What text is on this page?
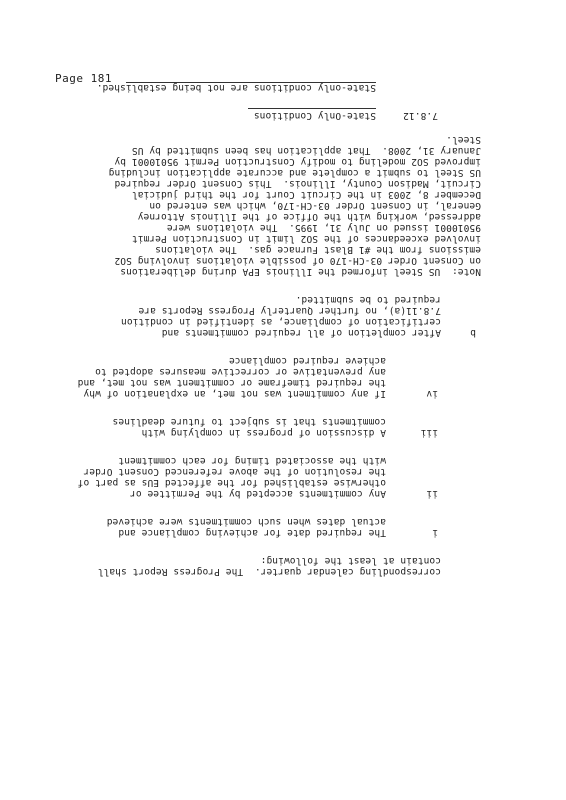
Page 181
correspondling calendar quarter.  The Progress Report shall
contain at least the following:
i
The required date for achieving compliance and
actual dates when such commitments were achieved
ii
Any commitments accepted by the Permittee or
otherwise established for the affected EUs as part of
the resolution of the above referenced Consent Order
with the associated timing for each commitment
iii
A discussion of progress in complying with
commitments that is subject to future deadlines
iv
If any commitment was not met, an explanation of why
the required timeframe or commitment was not met, and
any preventative or corrective measures adopted to
achieve required compliance
b
After completion of all required commitments and
certification of compliance, as identified in condition
7.8.11(a), no further Quarterly Progress Reports are
required to be submitted.
Note:  US Steel informed the Illinois EPA during deliberations
on Consent Order 03-CH-170 of possible violations involving SO2
emissions from the #1 Blast Furnace gas.  The violations
involved exceedances of the SO2 limit in Construction Permit
95010001 issued on July 31, 1995.  The violations were
addressed, working with the Office of the Illinois Attorney
General, in Consent Order 03-CH-170, which was entered on
December 8, 2003 in the Circuit Court for the third judicial
Circuit, Madison County, Illinois.  This Consent Order required
US Steel to submit a complete and accurate application including
improved SO2 modeling to modify Construction Permit 95010001 by
January 31, 2008.  That application has been submitted by US
Steel.
7.8.12
State-Only Conditions
State-only conditions are not being established.
